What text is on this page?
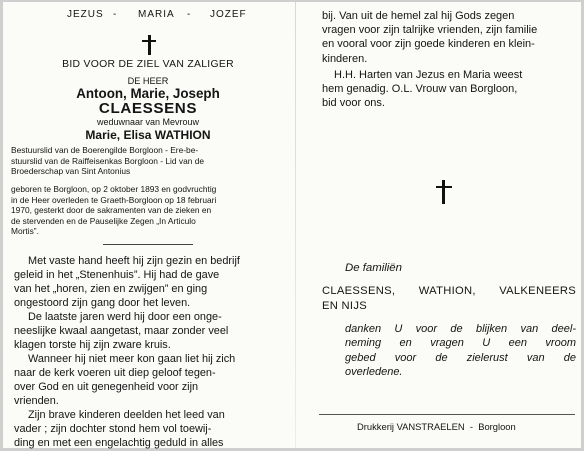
JEZUS - MARIA - JOZEF
BID VOOR DE ZIEL VAN ZALIGER
DE HEER
Antoon, Marie, Joseph
CLAESSENS
weduwnaar van Mevrouw
Marie, Elisa WATHION
Bestuurslid van de Boerengilde Borgloon - Ere-be-
stuurslid van de Raiffeisenkas Borgloon - Lid van de
Broederschap van Sint Antonius
geboren te Borgloon, op 2 oktober 1893 en godvruchtig
in de Heer overleden te Graeth-Borgloon op 18 februari
1970, gesterkt door de sakramenten van de zieken en
de stervenden en de Pauselijke Zegen „In Articulo
Mortis”.
Met vaste hand heeft hij zijn gezin en bedrijf
geleid in het „Stenenhuis”. Hij had de gave
van het „horen, zien en zwijgen” en ging
ongestoord zijn gang door het leven.
De laatste jaren werd hij door een onge-
neeslijke kwaal aangetast, maar zonder veel
klagen torste hij zijn zware kruis.
Wanneer hij niet meer kon gaan liet hij zich
naar de kerk voeren uit diep geloof tegen-
over God en uit genegenheid voor zijn
vrienden.
Zijn brave kinderen deelden het leed van
vader ; zijn dochter stond hem vol toewij-
ding en met een engelachtig geduld in alles
bij. Van uit de hemel zal hij Gods zegen
vragen voor zijn talrijke vrienden, zijn familie
en vooral voor zijn goede kinderen en klein-
kinderen.
H.H. Harten van Jezus en Maria weest
hem genadig. O.L. Vrouw van Borgloon,
bid voor ons.
De familiën
CLAESSENS, WATHION, VALKENEERS
EN NIJS
danken U voor de blijken van deel-
neming en vragen U een vroom
gebed voor de zielerust van de
overledene.
Drukkerij VANSTRAELEN  -  Borgloon
